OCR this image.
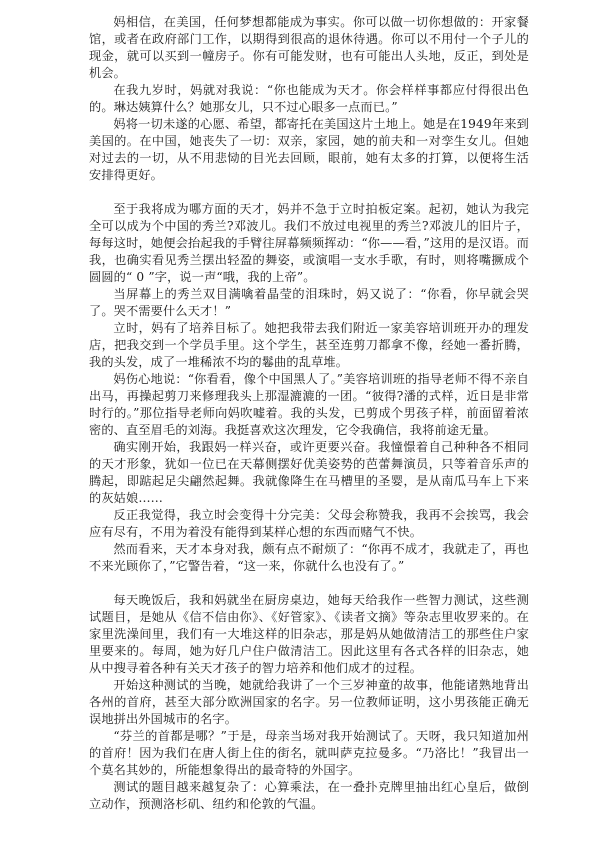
妈相信，在美国，任何梦想都能成为事实。你可以做一切你想做的：开家餐馆，或者在政府部门工作，以期得到很高的退休待遇。你可以不用付一个子儿的现金，就可以买到一幢房子。你有可能发财，也有可能出人头地，反正，到处是机会。

在我九岁时，妈就对我说：“你也能成为天才。你会样样事都应付得很出色的。琳达姨算什么？她那女儿，只不过心眼多一点而已。”

妈将一切未遂的心愿、希望，都寄托在美国这片土地上。她是在1949年来到美国的。在中国，她丧失了一切：双亲，家园，她的前夫和一对孪生女儿。但她对过去的一切，从不用悲恸的目光去回顾，眼前，她有太多的打算，以便将生活安排得更好。

至于我将成为哪方面的天才，妈并不急于立时拍板定案。起初，她认为我完全可以成为个中国的秀兰?邓波儿。我们不放过电视里的秀兰?邓波儿的旧片子，每每这时，她便会抬起我的手臂往屏幕频频挥动：“你——看，”这用的是汉语。而我，也确实看见秀兰摆出轻盈的舞姿，或演唱一支水手歌，有时，则将嘴撅成个圆圆的“ 0 ”字，说一声“哦，我的上帝”。

当屏幕上的秀兰双目满噙着晶莹的泪珠时，妈又说了：“你看，你早就会哭了。哭不需要什么天才！”

立时，妈有了培养目标了。她把我带去我们附近一家美容培训班开办的理发店，把我交到一个学员手里。这个学生，甚至连剪刀都拿不像，经她一番折腾，我的头发，成了一堆稀浓不均的鬈曲的乱草堆。

妈伤心地说：“你看看，像个中国黑人了。”美容培训班的指导老师不得不亲自出马，再操起剪刀来修理我头上那湿漉漉的一团。“彼得?潘的式样，近日是非常时行的。”那位指导老师向妈吹嘘着。我的头发，已剪成个男孩子样，前面留着浓密的、直至眉毛的刘海。我挺喜欢这次理发，它令我确信，我将前途无量。

确实刚开始，我跟妈一样兴奋，或许更要兴奋。我憧憬着自己种种各不相同的天才形象，犹如一位已在天幕侧摆好优美姿势的芭蕾舞演员，只等着音乐声的腾起，即踮起足尖翩然起舞。我就像降生在马槽里的圣婴，是从南瓜马车上下来的灰姑娘……

反正我觉得，我立时会变得十分完美：父母会称赞我，我再不会挨骂，我会应有尽有，不用为着没有能得到某样心想的东西而赌气不快。

然而看来，天才本身对我，颇有点不耐烦了：“你再不成才，我就走了，再也不来光顾你了，”它警告着，“这一来，你就什么也没有了。”

每天晚饭后，我和妈就坐在厨房桌边，她每天给我作一些智力测试，这些测试题目，是她从《信不信由你》、《好管家》、《读者文摘》等杂志里收罗来的。在家里洗澡间里，我们有一大堆这样的旧杂志，那是妈从她做清洁工的那些住户家里要来的。每周，她为好几户住户做清洁工。因此这里有各式各样的旧杂志，她从中搜寻着各种有关天才孩子的智力培养和他们成才的过程。

开始这种测试的当晚，她就给我讲了一个三岁神童的故事，他能诸熟地背出各州的首府，甚至大部分欧洲国家的名字。另一位教师证明，这小男孩能正确无误地拼出外国城市的名字。

“芬兰的首都是哪？”于是，母亲当场对我开始测试了。天呀，我只知道加州的首府！因为我们在唐人街上住的街名，就叫萨克拉曼多。“乃洛比！”我冒出一个莫名其妙的，所能想象得出的最奇特的外国字。

测试的题目越来越复杂了：心算乘法，在一叠扑克牌里抽出红心皇后，做倒立动作，预测洛杉矶、纽约和伦敦的气温。
